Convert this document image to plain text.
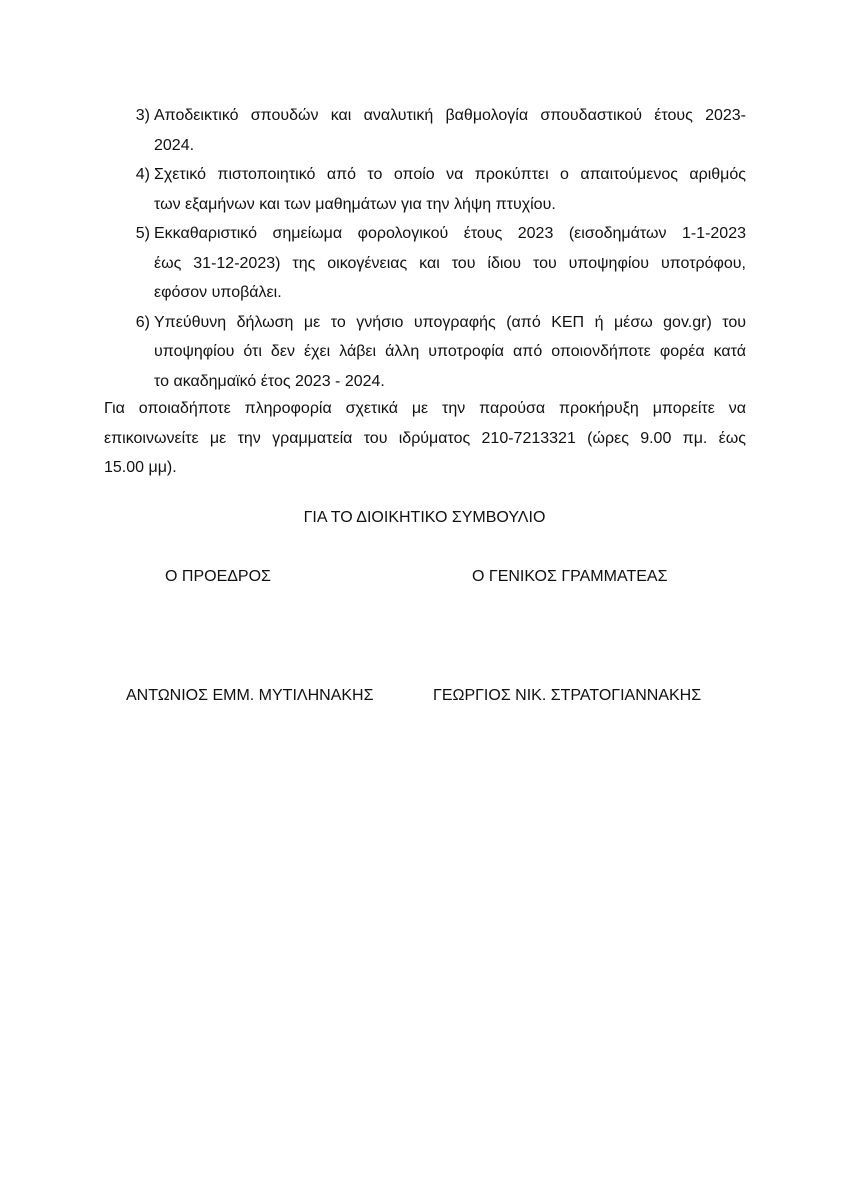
3) Αποδεικτικό σπουδών και αναλυτική βαθμολογία σπουδαστικού έτους 2023-
2024.
4) Σχετικό πιστοποιητικό από το οποίο να προκύπτει ο απαιτούμενος αριθμός
των εξαμήνων και των μαθημάτων για την λήψη πτυχίου.
5) Εκκαθαριστικό σημείωμα φορολογικού έτους 2023 (εισοδημάτων 1-1-2023
έως 31-12-2023) της οικογένειας και του ίδιου του υποψηφίου υποτρόφου,
εφόσον υποβάλει.
6) Υπεύθυνη δήλωση με το γνήσιο υπογραφής (από ΚΕΠ ή μέσω gov.gr) του
υποψηφίου ότι δεν έχει λάβει άλλη υποτροφία από οποιονδήποτε φορέα κατά
το ακαδημαϊκό έτος 2023 - 2024.
Για οποιαδήποτε πληροφορία σχετικά με την παρούσα προκήρυξη μπορείτε να
επικοινωνείτε με την γραμματεία του ιδρύματος 210-7213321 (ώρες 9.00 πμ. έως
15.00 μμ).
ΓΙΑ ΤΟ ΔΙΟΙΚΗΤΙΚΟ ΣΥΜΒΟΥΛΙΟ
Ο ΠΡΟΕΔΡΟΣ	Ο ΓΕΝΙΚΟΣ ΓΡΑΜΜΑΤΕΑΣ
ΑΝΤΩΝΙΟΣ ΕΜΜ. ΜΥΤΙΛΗΝΑΚΗΣ	ΓΕΩΡΓΙΟΣ ΝΙΚ. ΣΤΡΑΤΟΓΙΑΝΝΑΚΗΣ
